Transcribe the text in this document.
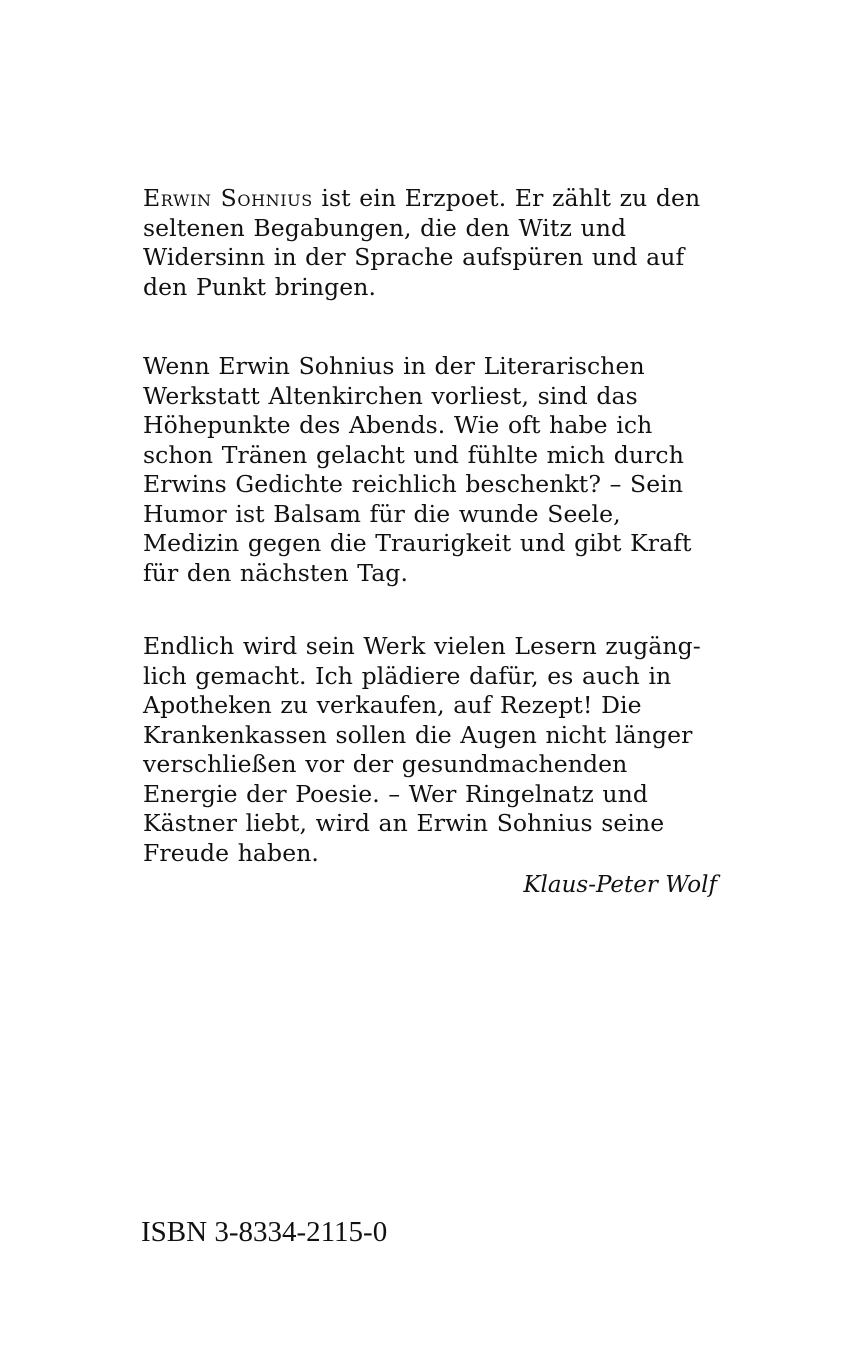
Erwin Sohnius ist ein Erzpoet. Er zählt zu den
seltenen Begabungen, die den Witz und
Widersinn in der Sprache aufspüren und auf
den Punkt bringen.

Wenn Erwin Sohnius in der Literarischen
Werkstatt Altenkirchen vorliest, sind das
Höhepunkte des Abends. Wie oft habe ich
schon Tränen gelacht und fühlte mich durch
Erwins Gedichte reichlich beschenkt? – Sein
Humor ist Balsam für die wunde Seele,
Medizin gegen die Traurigkeit und gibt Kraft
für den nächsten Tag.

Endlich wird sein Werk vielen Lesern zugäng-
lich gemacht. Ich plädiere dafür, es auch in
Apotheken zu verkaufen, auf Rezept! Die
Krankenkassen sollen die Augen nicht länger
verschließen vor der gesundmachenden
Energie der Poesie. – Wer Ringelnatz und
Kästner liebt, wird an Erwin Sohnius seine
Freude haben.

Klaus-Peter Wolf
ISBN 3-8334-2115-0
